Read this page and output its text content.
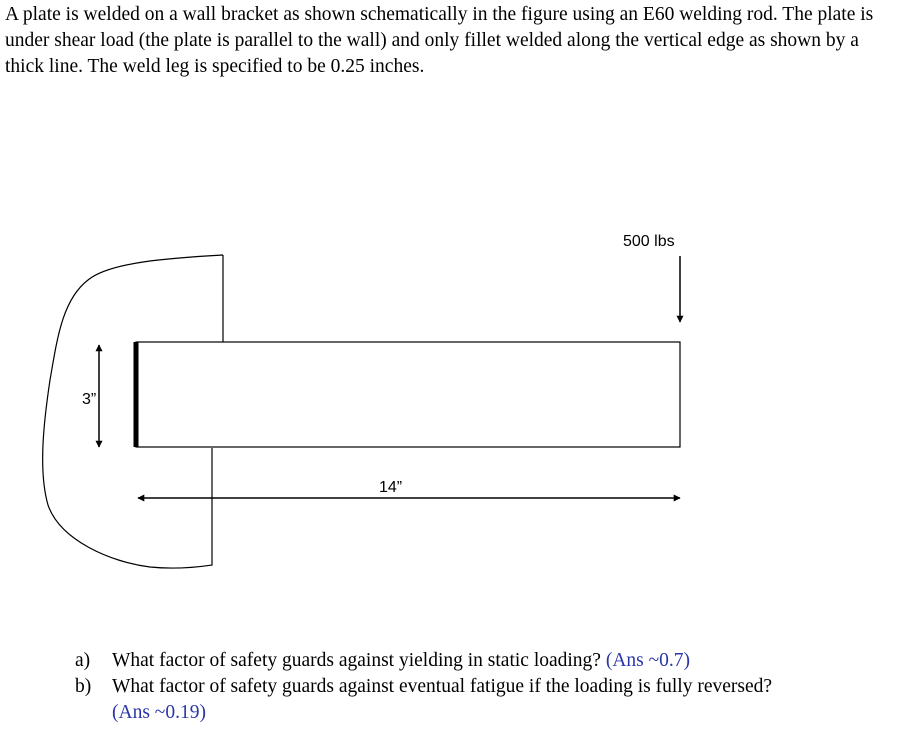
A plate is welded on a wall bracket as shown schematically in the figure using an E60 welding rod. The plate is under shear load (the plate is parallel to the wall) and only fillet welded along the vertical edge as shown by a thick line. The weld leg is specified to be 0.25 inches.

3”
14”
500 lbs
a)	What factor of safety guards against yielding in static loading? (Ans ~0.7)
b)	What factor of safety guards against eventual fatigue if the loading is fully reversed?
(Ans ~0.19)
